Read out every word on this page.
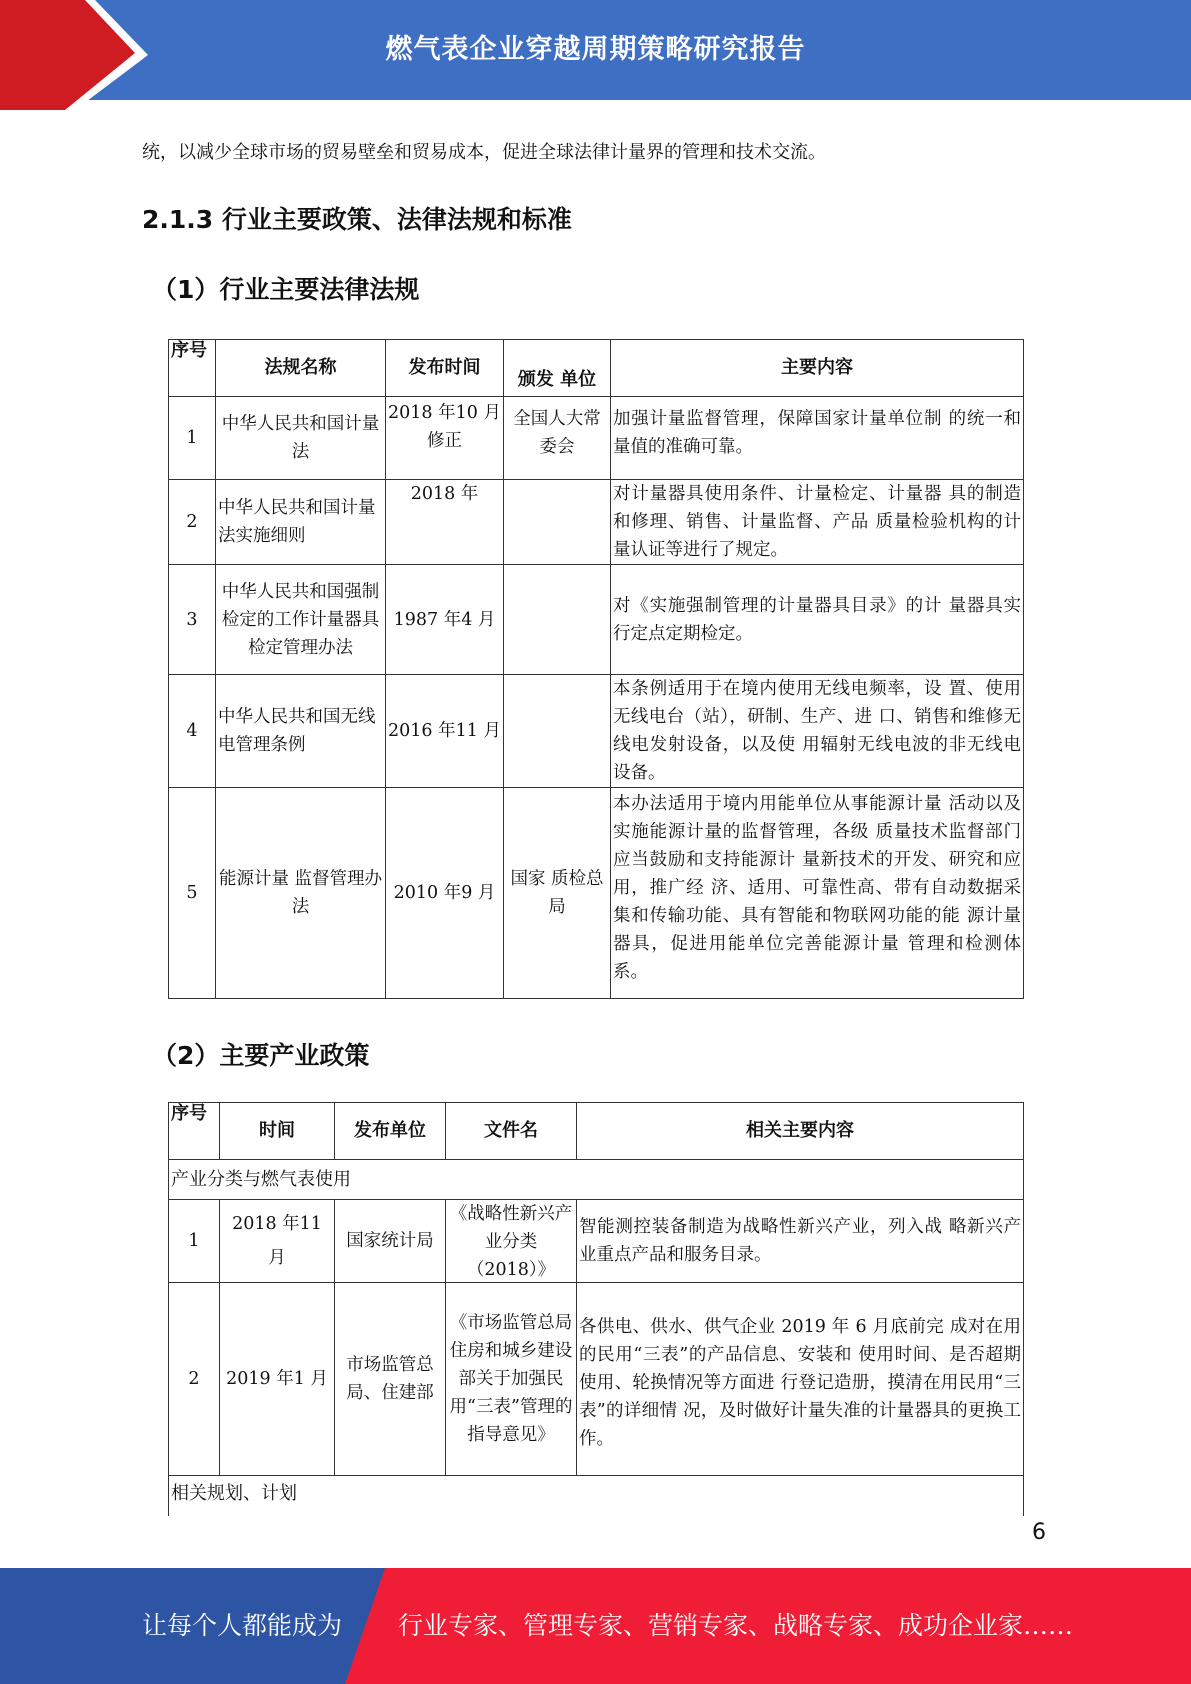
燃气表企业穿越周期策略研究报告
统，以减少全球市场的贸易壁垒和贸易成本，促进全球法律计量界的管理和技术交流。
2.1.3 行业主要政策、法律法规和标准
（1）行业主要法律法规
序号	法规名称	发布时间	颁发 单位	主要内容
1	中华人民共和国计量法	2018 年10 月修正	全国人大常委会	加强计量监督管理，保障国家计量单位制 的统一和量值的准确可靠。
2	中华人民共和国计量法实施细则	2018 年		对计量器具使用条件、计量检定、计量器 具的制造和修理、销售、计量监督、产品 质量检验机构的计量认证等进行了规定。
3	中华人民共和国强制检定的工作计量器具检定管理办法	1987 年4 月		对《实施强制管理的计量器具目录》的计 量器具实行定点定期检定。
4	中华人民共和国无线电管理条例	2016 年11 月		本条例适用于在境内使用无线电频率，设 置、使用无线电台（站），研制、生产、进 口、销售和维修无线电发射设备，以及使 用辐射无线电波的非无线电设备。
5	能源计量 监督管理办法	2010 年9 月	国家 质检总局	本办法适用于境内用能单位从事能源计量 活动以及实施能源计量的监督管理，各级 质量技术监督部门应当鼓励和支持能源计 量新技术的开发、研究和应用，推广经 济、适用、可靠性高、带有自动数据采集和传输功能、具有智能和物联网功能的能 源计量器具，促进用能单位完善能源计量 管理和检测体系。
（2）主要产业政策
序号	时间	发布单位	文件名	相关主要内容
产业分类与燃气表使用				
1	2018 年11 月	国家统计局	《战略性新兴产业分类（2018）》	智能测控装备制造为战略性新兴产业，列入战 略新兴产业重点产品和服务目录。
2	2019 年1 月	市场监管总局、住建部	《市场监管总局住房和城乡建设部关于加强民用“三表”管理的指导意见》	各供电、供水、供气企业 2019 年 6 月底前完 成对在用的民用“三表”的产品信息、安装和 使用时间、是否超期使用、轮换情况等方面进 行登记造册，摸清在用民用“三表”的详细情 况，及时做好计量失准的计量器具的更换工 作。
相关规划、计划				
6
让每个人都能成为 行业专家、管理专家、营销专家、战略专家、成功企业家……
